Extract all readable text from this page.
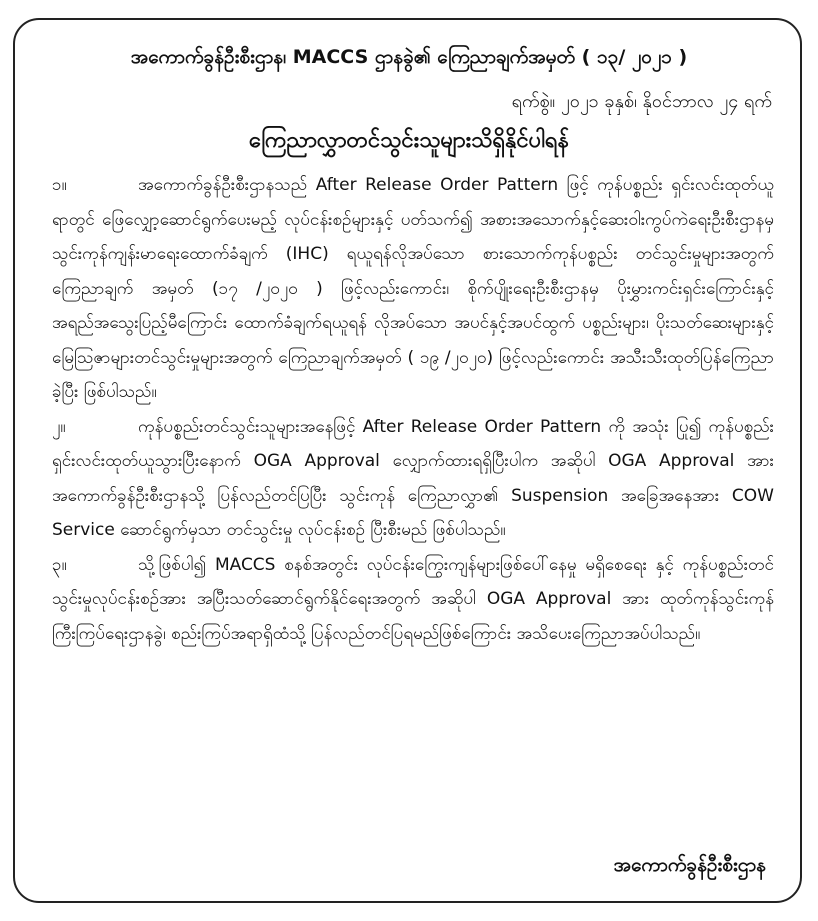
အကောက်ခွန်ဦးစီးဌာန၊ MACCS ဌာနခွဲ၏ ကြေညာချက်အမှတ် ( ၁၃/ ၂၀၂၁ )
ရက်စွဲ။ ၂၀၂၁ ခုနှစ်၊ နိုဝင်ဘာလ ၂၄ ရက်
ကြေညာလွှာတင်သွင်းသူများသိရှိနိုင်ပါရန်

၁။	အကောက်ခွန်ဦးစီးဌာနသည် After Release Order Pattern ဖြင့် ကုန်ပစ္စည်း ရှင်းလင်းထုတ်ယူရာတွင် ဖြေလျှော့ဆောင်ရွက်ပေးမည့် လုပ်ငန်းစဉ်များနှင့် ပတ်သက်၍ အစားအသောက်နှင့်ဆေးဝါးကွပ်ကဲရေးဦးစီးဌာနမှ သွင်းကုန်ကျန်းမာရေးထောက်ခံချက် (IHC) ရယူရန်လိုအပ်သော စားသောက်ကုန်ပစ္စည်း တင်သွင်းမှုများအတွက် ကြေညာချက် အမှတ် (၁၇ /၂၀၂၀ ) ဖြင့်လည်းကောင်း၊ စိုက်ပျိုးရေးဦးစီးဌာနမှ ပိုးမွှားကင်းရှင်းကြောင်းနှင့် အရည်အသွေးပြည့်မီကြောင်း ထောက်ခံချက်ရယူရန် လိုအပ်သော အပင်နှင့်အပင်ထွက် ပစ္စည်းများ၊ ပိုးသတ်ဆေးများနှင့် မြေဩဇာများတင်သွင်းမှုများအတွက် ကြေညာချက်အမှတ် ( ၁၉ /၂၀၂၀) ဖြင့်လည်းကောင်း အသီးသီးထုတ်ပြန်ကြေညာခဲ့ပြီး ဖြစ်ပါသည်။

၂။	ကုန်ပစ္စည်းတင်သွင်းသူများအနေဖြင့် After Release Order Pattern ကို အသုံး ပြု၍ ကုန်ပစ္စည်းရှင်းလင်းထုတ်ယူသွားပြီးနောက် OGA Approval လျှောက်ထားရရှိပြီးပါက အဆိုပါ OGA Approval အား အကောက်ခွန်ဦးစီးဌာနသို့ ပြန်လည်တင်ပြပြီး သွင်းကုန် ကြေညာလွှာ၏ Suspension အခြေအနေအား COW Service ဆောင်ရွက်မှသာ တင်သွင်းမှု လုပ်ငန်းစဉ် ပြီးစီးမည် ဖြစ်ပါသည်။

၃။	သို့ဖြစ်ပါ၍ MACCS စနစ်အတွင်း လုပ်ငန်းကြွေးကျန်များဖြစ်ပေါ်နေမှု မရှိစေရေး နှင့် ကုန်ပစ္စည်းတင်သွင်းမှုလုပ်ငန်းစဉ်အား အပြီးသတ်ဆောင်ရွက်နိုင်ရေးအတွက် အဆိုပါ OGA Approval အား ထုတ်ကုန်သွင်းကုန်ကြီးကြပ်ရေးဌာနခွဲ၊ စည်းကြပ်အရာရှိထံသို့ ပြန်လည်တင်ပြရမည်ဖြစ်ကြောင်း အသိပေးကြေညာအပ်ပါသည်။

အကောက်ခွန်ဦးစီးဌာန
